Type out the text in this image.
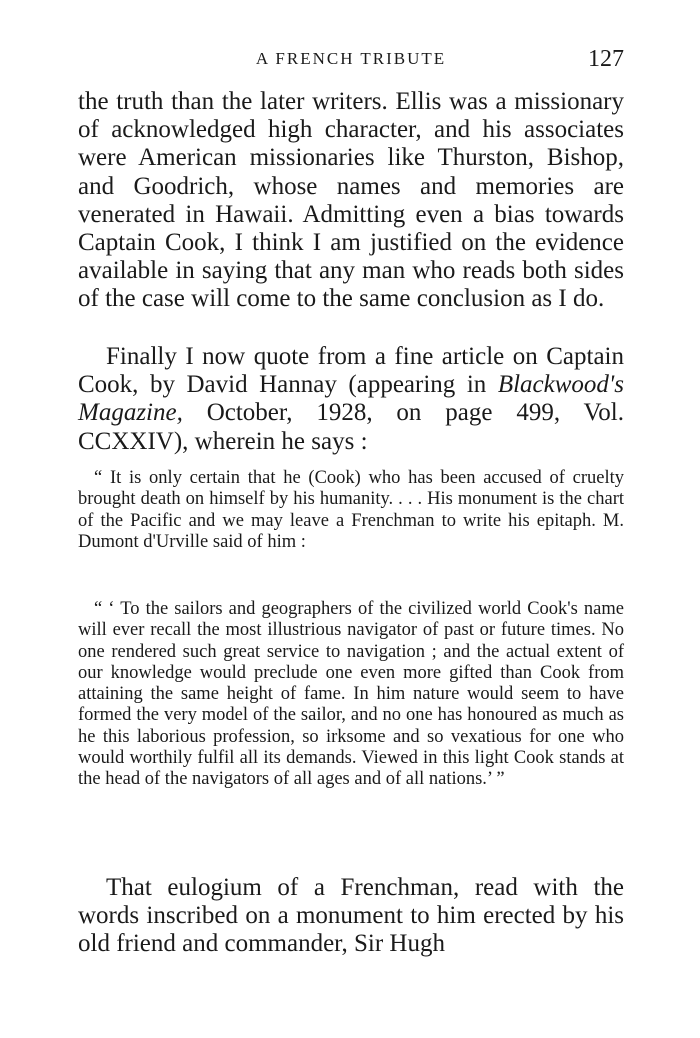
A FRENCH TRIBUTE	127

the truth than the later writers. Ellis was a missionary of acknowledged high character, and his associates were American missionaries like Thurston, Bishop, and Goodrich, whose names and memories are venerated in Hawaii. Admitting even a bias towards Captain Cook, I think I am justified on the evidence available in saying that any man who reads both sides of the case will come to the same conclusion as I do.

Finally I now quote from a fine article on Captain Cook, by David Hannay (appearing in Blackwood's Magazine, October, 1928, on page 499, Vol. CCXXIV), wherein he says :

“ It is only certain that he (Cook) who has been accused of cruelty brought death on himself by his humanity. . . . His monument is the chart of the Pacific and we may leave a Frenchman to write his epitaph. M. Dumont d'Urville said of him :

“ ‘ To the sailors and geographers of the civilized world Cook's name will ever recall the most illustrious navigator of past or future times. No one rendered such great service to navigation ; and the actual extent of our knowledge would preclude one even more gifted than Cook from attaining the same height of fame. In him nature would seem to have formed the very model of the sailor, and no one has honoured as much as he this laborious profession, so irksome and so vexatious for one who would worthily fulfil all its demands. Viewed in this light Cook stands at the head of the navigators of all ages and of all nations.’ ”

That eulogium of a Frenchman, read with the words inscribed on a monument to him erected by his old friend and commander, Sir Hugh
